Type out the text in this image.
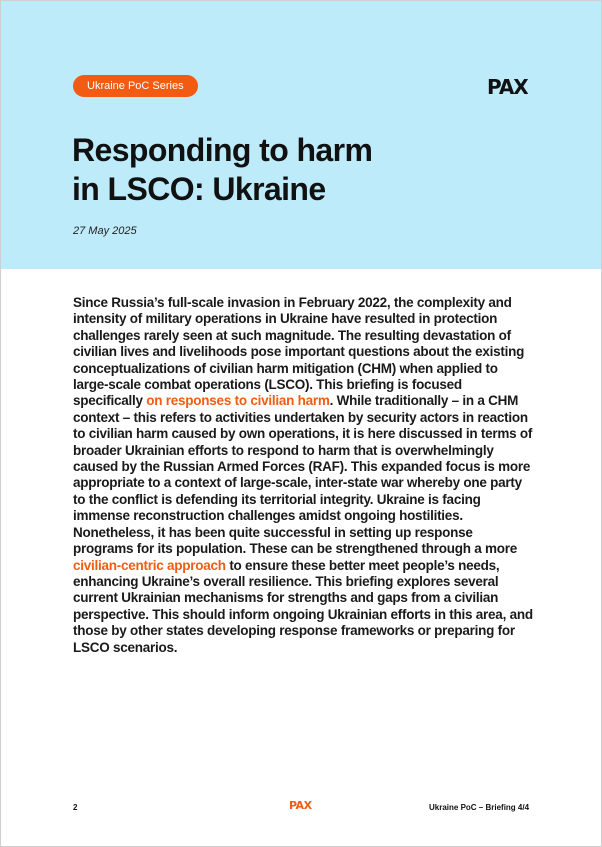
Ukraine PoC Series	PAX
Responding to harm
in LSCO: Ukraine
27 May 2025

Since Russia’s full-scale invasion in February 2022, the complexity and intensity of military operations in Ukraine have resulted in protection challenges rarely seen at such magnitude. The resulting devastation of civilian lives and livelihoods pose important questions about the existing conceptualizations of civilian harm mitigation (CHM) when applied to large-scale combat operations (LSCO). This briefing is focused specifically on responses to civilian harm. While traditionally – in a CHM context – this refers to activities undertaken by security actors in reaction to civilian harm caused by own operations, it is here discussed in terms of broader Ukrainian efforts to respond to harm that is overwhelmingly caused by the Russian Armed Forces (RAF). This expanded focus is more appropriate to a context of large-scale, inter-state war whereby one party to the conflict is defending its territorial integrity. Ukraine is facing immense reconstruction challenges amidst ongoing hostilities. Nonetheless, it has been quite successful in setting up response programs for its population. These can be strengthened through a more civilian-centric approach to ensure these better meet people’s needs, enhancing Ukraine’s overall resilience. This briefing explores several current Ukrainian mechanisms for strengths and gaps from a civilian perspective. This should inform ongoing Ukrainian efforts in this area, and those by other states developing response frameworks or preparing for LSCO scenarios.

2	PAX	Ukraine PoC – Briefing 4/4
